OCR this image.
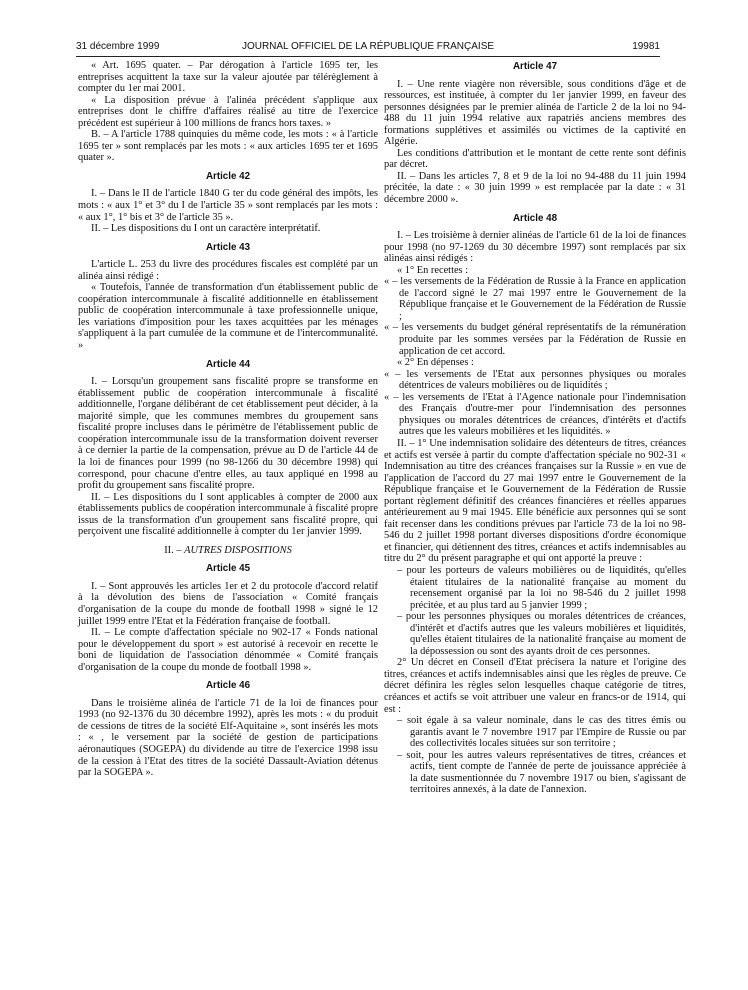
31 décembre 1999	JOURNAL OFFICIEL DE LA RÉPUBLIQUE FRANÇAISE	19981

« Art. 1695 quater. – Par dérogation à l'article 1695 ter, les entreprises acquittent la taxe sur la valeur ajoutée par télérèglement à compter du 1er mai 2001.

« La disposition prévue à l'alinéa précédent s'applique aux entreprises dont le chiffre d'affaires réalisé au titre de l'exercice précédent est supérieur à 100 millions de francs hors taxes. »

B. – A l'article 1788 quinquies du même code, les mots : « à l'article 1695 ter » sont remplacés par les mots : « aux articles 1695 ter et 1695 quater ».

Article 42

I. – Dans le II de l'article 1840 G ter du code général des impôts, les mots : « aux 1° et 3° du I de l'article 35 » sont remplacés par les mots : « aux 1°, 1° bis et 3° de l'article 35 ».

II. – Les dispositions du I ont un caractère interprétatif.

Article 43

L'article L. 253 du livre des procédures fiscales est complété par un alinéa ainsi rédigé :

« Toutefois, l'année de transformation d'un établissement public de coopération intercommunale à fiscalité additionnelle en établissement public de coopération intercommunale à taxe professionnelle unique, les variations d'imposition pour les taxes acquittées par les ménages s'appliquent à la part cumulée de la commune et de l'intercommunalité. »

Article 44

I. – Lorsqu'un groupement sans fiscalité propre se transforme en établissement public de coopération intercommunale à fiscalité additionnelle, l'organe délibérant de cet établissement peut décider, à la majorité simple, que les communes membres du groupement sans fiscalité propre incluses dans le périmètre de l'établissement public de coopération intercommunale issu de la transformation doivent reverser à ce dernier la partie de la compensation, prévue au D de l'article 44 de la loi de finances pour 1999 (no 98-1266 du 30 décembre 1998) qui correspond, pour chacune d'entre elles, au taux appliqué en 1998 au profit du groupement sans fiscalité propre.

II. – Les dispositions du I sont applicables à compter de 2000 aux établissements publics de coopération intercommunale à fiscalité propre issus de la transformation d'un groupement sans fiscalité propre, qui perçoivent une fiscalité additionnelle à compter du 1er janvier 1999.

II. – AUTRES DISPOSITIONS

Article 45

I. – Sont approuvés les articles 1er et 2 du protocole d'accord relatif à la dévolution des biens de l'association « Comité français d'organisation de la coupe du monde de football 1998 » signé le 12 juillet 1999 entre l'Etat et la Fédération française de football.

II. – Le compte d'affectation spéciale no 902-17 « Fonds national pour le développement du sport » est autorisé à recevoir en recette le boni de liquidation de l'association dénommée « Comité français d'organisation de la coupe du monde de football 1998 ».

Article 46

Dans le troisième alinéa de l'article 71 de la loi de finances pour 1993 (no 92-1376 du 30 décembre 1992), après les mots : « du produit de cessions de titres de la société Elf-Aquitaine », sont insérés les mots : « , le versement par la société de gestion de participations aéronautiques (SOGEPA) du dividende au titre de l'exercice 1998 issu de la cession à l'Etat des titres de la société Dassault-Aviation détenus par la SOGEPA ».

Article 47

I. – Une rente viagère non réversible, sous conditions d'âge et de ressources, est instituée, à compter du 1er janvier 1999, en faveur des personnes désignées par le premier alinéa de l'article 2 de la loi no 94-488 du 11 juin 1994 relative aux rapatriés anciens membres des formations supplétives et assimilés ou victimes de la captivité en Algérie.

Les conditions d'attribution et le montant de cette rente sont définis par décret.

II. – Dans les articles 7, 8 et 9 de la loi no 94-488 du 11 juin 1994 précitée, la date : « 30 juin 1999 » est remplacée par la date : « 31 décembre 2000 ».

Article 48

I. – Les troisième à dernier alinéas de l'article 61 de la loi de finances pour 1998 (no 97-1269 du 30 décembre 1997) sont remplacés par six alinéas ainsi rédigés :

« 1° En recettes :

« – les versements de la Fédération de Russie à la France en application de l'accord signé le 27 mai 1997 entre le Gouvernement de la République française et le Gouvernement de la Fédération de Russie ;

« – les versements du budget général représentatifs de la rémunération produite par les sommes versées par la Fédération de Russie en application de cet accord.

« 2° En dépenses :

« – les versements de l'Etat aux personnes physiques ou morales détentrices de valeurs mobilières ou de liquidités ;

« – les versements de l'Etat à l'Agence nationale pour l'indemnisation des Français d'outre-mer pour l'indemnisation des personnes physiques ou morales détentrices de créances, d'intérêts et d'actifs autres que les valeurs mobilières et les liquidités. »

II. – 1° Une indemnisation solidaire des détenteurs de titres, créances et actifs est versée à partir du compte d'affectation spéciale no 902-31 « Indemnisation au titre des créances françaises sur la Russie » en vue de l'application de l'accord du 27 mai 1997 entre le Gouvernement de la République française et le Gouvernement de la Fédération de Russie portant règlement définitif des créances financières et réelles apparues antérieurement au 9 mai 1945. Elle bénéficie aux personnes qui se sont fait recenser dans les conditions prévues par l'article 73 de la loi no 98-546 du 2 juillet 1998 portant diverses dispositions d'ordre économique et financier, qui détiennent des titres, créances et actifs indemnisables au titre du 2° du présent paragraphe et qui ont apporté la preuve :

– pour les porteurs de valeurs mobilières ou de liquidités, qu'elles étaient titulaires de la nationalité française au moment du recensement organisé par la loi no 98-546 du 2 juillet 1998 précitée, et au plus tard au 5 janvier 1999 ;

– pour les personnes physiques ou morales détentrices de créances, d'intérêt et d'actifs autres que les valeurs mobilières et liquidités, qu'elles étaient titulaires de la nationalité française au moment de la dépossession ou sont des ayants droit de ces personnes.

2° Un décret en Conseil d'Etat précisera la nature et l'origine des titres, créances et actifs indemnisables ainsi que les règles de preuve. Ce décret définira les règles selon lesquelles chaque catégorie de titres, créances et actifs se voit attribuer une valeur en francs-or de 1914, qui est :

– soit égale à sa valeur nominale, dans le cas des titres émis ou garantis avant le 7 novembre 1917 par l'Empire de Russie ou par des collectivités locales situées sur son territoire ;

– soit, pour les autres valeurs représentatives de titres, créances et actifs, tient compte de l'année de perte de jouissance appréciée à la date susmentionnée du 7 novembre 1917 ou bien, s'agissant de territoires annexés, à la date de l'annexion.
